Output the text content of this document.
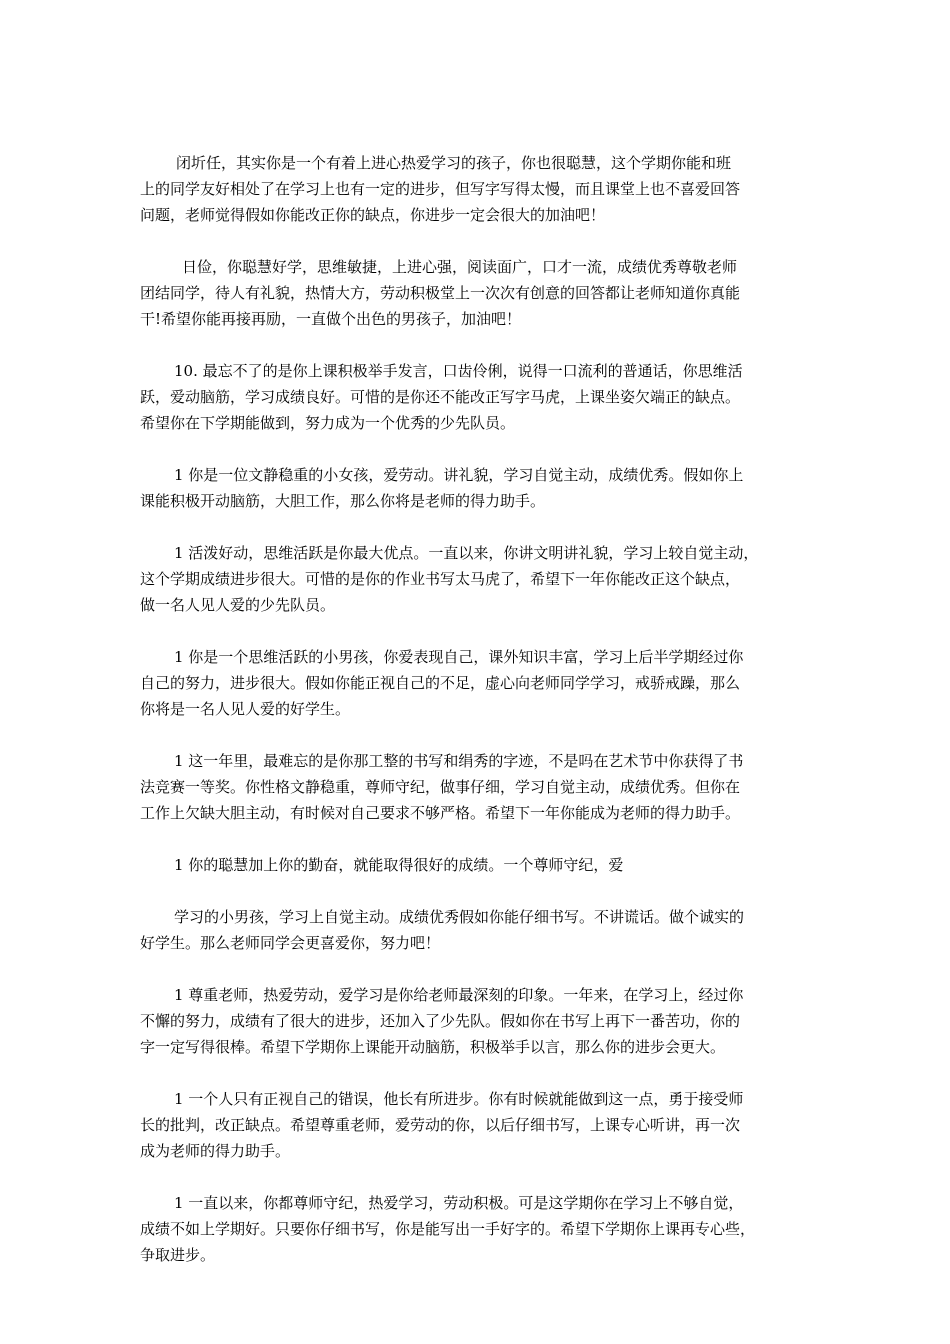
闭圻任，其实你是一个有着上进心热爱学习的孩子，你也很聪慧，这个学期你能和班
上的同学友好相处了在学习上也有一定的进步，但写字写得太慢，而且课堂上也不喜爱回答
问题，老师觉得假如你能改正你的缺点，你进步一定会很大的加油吧！
日俭，你聪慧好学，思维敏捷，上进心强，阅读面广，口才一流，成绩优秀尊敬老师
团结同学，待人有礼貌，热情大方，劳动积极堂上一次次有创意的回答都让老师知道你真能
干!希望你能再接再励，一直做个出色的男孩子，加油吧！
10. 最忘不了的是你上课积极举手发言，口齿伶俐，说得一口流利的普通话，你思维活
跃，爱动脑筋，学习成绩良好。可惜的是你还不能改正写字马虎，上课坐姿欠端正的缺点。
希望你在下学期能做到，努力成为一个优秀的少先队员。
1 你是一位文静稳重的小女孩，爱劳动。讲礼貌，学习自觉主动，成绩优秀。假如你上
课能积极开动脑筋，大胆工作，那么你将是老师的得力助手。
1 活泼好动，思维活跃是你最大优点。一直以来，你讲文明讲礼貌，学习上较自觉主动，
这个学期成绩进步很大。可惜的是你的作业书写太马虎了，希望下一年你能改正这个缺点，
做一名人见人爱的少先队员。
1 你是一个思维活跃的小男孩，你爱表现自己，课外知识丰富，学习上后半学期经过你
自己的努力，进步很大。假如你能正视自己的不足，虚心向老师同学学习，戒骄戒躁，那么
你将是一名人见人爱的好学生。
1 这一年里，最难忘的是你那工整的书写和绢秀的字迹，不是吗在艺术节中你获得了书
法竞赛一等奖。你性格文静稳重，尊师守纪，做事仔细，学习自觉主动，成绩优秀。但你在
工作上欠缺大胆主动，有时候对自己要求不够严格。希望下一年你能成为老师的得力助手。
1 你的聪慧加上你的勤奋，就能取得很好的成绩。一个尊师守纪，爱
学习的小男孩，学习上自觉主动。成绩优秀假如你能仔细书写。不讲谎话。做个诚实的
好学生。那么老师同学会更喜爱你，努力吧！
1 尊重老师，热爱劳动，爱学习是你给老师最深刻的印象。一年来，在学习上，经过你
不懈的努力，成绩有了很大的进步，还加入了少先队。假如你在书写上再下一番苦功，你的
字一定写得很棒。希望下学期你上课能开动脑筋，积极举手以言，那么你的进步会更大。
1 一个人只有正视自己的错误，他长有所进步。你有时候就能做到这一点，勇于接受师
长的批判，改正缺点。希望尊重老师，爱劳动的你，以后仔细书写，上课专心听讲，再一次
成为老师的得力助手。
1 一直以来，你都尊师守纪，热爱学习，劳动积极。可是这学期你在学习上不够自觉，
成绩不如上学期好。只要你仔细书写，你是能写出一手好字的。希望下学期你上课再专心些，
争取进步。
